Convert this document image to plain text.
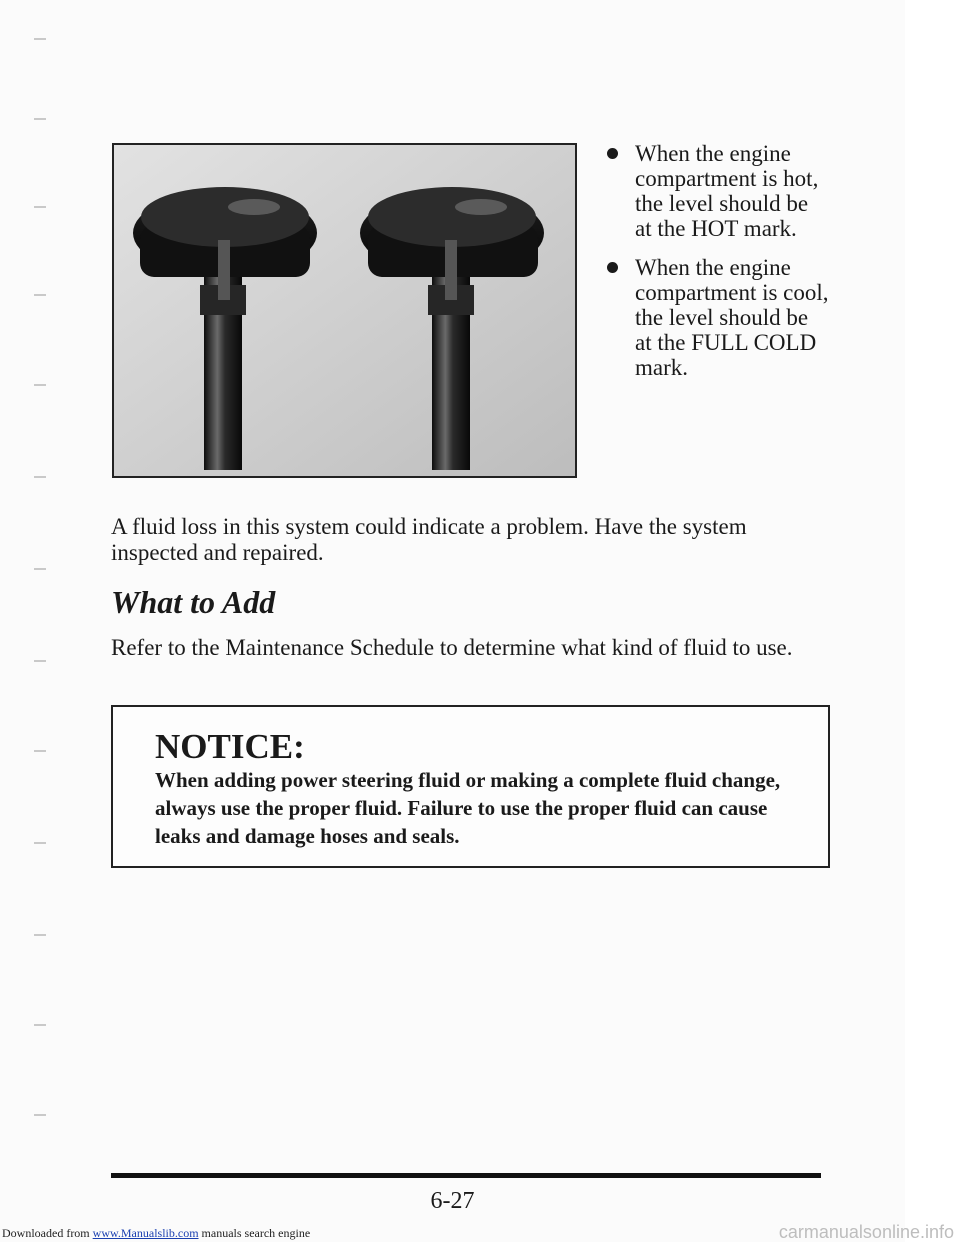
When the engine compartment is hot, the level should be at the HOT mark.
When the engine compartment is cool, the level should be at the FULL COLD mark.

A fluid loss in this system could indicate a problem. Have the system inspected and repaired.

What to Add

Refer to the Maintenance Schedule to determine what kind of fluid to use.

NOTICE:

When adding power steering fluid or making a complete fluid change, always use the proper fluid. Failure to use the proper fluid can cause leaks and damage hoses and seals.

6-27
Downloaded from www.Manualslib.com manuals search engine	carmanualsonline.info
